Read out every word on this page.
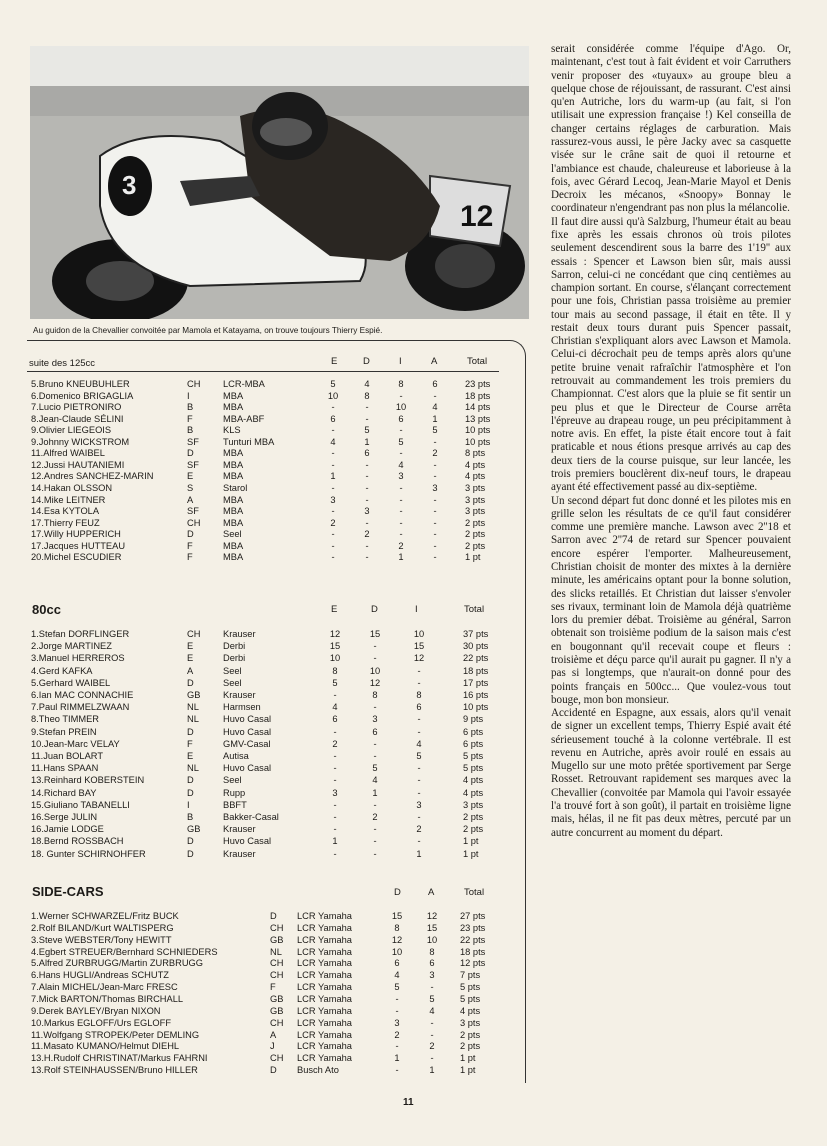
3
12
Au guidon de la Chevallier convoitée par Mamola et Katayama, on trouve toujours Thierry Espié.
suite des 125cc	E	D	I	A	Total
5.Bruno KNEUBUHLER	CH LCR-MBA	5	4	8	6	23 pts
6.Domenico BRIGAGLIA	I	MBA	10	8	-	-	18 pts
7.Lucio PIETRONIRO	B	MBA	-	-	10	4	14 pts
8.Jean-Claude SÉLINI	F	MBA-ABF	6	-	6	1	13 pts
9.Olivier LIEGEOIS	B	KLS	-	5	-	5	10 pts
9.Johnny WICKSTROM	SF	Tunturi MBA	4	1	5	-	10 pts
11.Alfred WAIBEL	D	MBA	-	6	-	2	8 pts
12.Jussi HAUTANIEMI	SF	MBA	-	-	4	-	4 pts
12.Andres SANCHEZ-MARIN	E	MBA	1	-	3	-	4 pts
14.Hakan OLSSON	S	Starol	-	-	-	3	3 pts
14.Mike LEITNER	A	MBA	3	-	-	-	3 pts
14.Esa KYTOLA	SF	MBA	-	3	-	-	3 pts
17.Thierry FEUZ	CH MBA	2	-	-	-	2 pts
17.Willy HUPPERICH	D	Seel	-	2	-	-	2 pts
17.Jacques HUTTEAU	F	MBA	-	-	2	-	2 pts
20.Michel ESCUDIER	F	MBA	-	-	1	-	1 pt
80cc	E	D	I	Total
1.Stefan DORFLINGER	CH Krauser	12	15	10	37 pts
2.Jorge MARTINEZ	E	Derbi	15	-	15	30 pts
3.Manuel HERREROS	E	Derbi	10	-	12	22 pts
4.Gerd KAFKA	A	Seel	8	10	-	18 pts
5.Gerhard WAIBEL	D	Seel	5	12	-	17 pts
6.Ian MAC CONNACHIE	GB Krauser	-	8	8	16 pts
7.Paul RIMMELZWAAN	NL	Harmsen	4	-	6	10 pts
8.Theo TIMMER	NL	Huvo Casal	6	3	-	9 pts
9.Stefan PREIN	D	Huvo Casal	-	6	-	6 pts
10.Jean-Marc VELAY	F	GMV-Casal	2	-	4	6 pts
11.Juan BOLART	E	Autisa	-	-	5	5 pts
11.Hans SPAAN	NL	Huvo Casal	-	5	-	5 pts
13.Reinhard KOBERSTEIN	D	Seel	-	4	-	4 pts
14.Richard BAY	D	Rupp	3	1	-	4 pts
15.Giuliano TABANELLI	I	BBFT	-	-	3	3 pts
16.Serge JULIN	B	Bakker-Casal	-	2	-	2 pts
16.Jamie LODGE	GB Krauser	-	-	2	2 pts
18.Bernd ROSSBACH	D	Huvo Casal	1	-	-	1 pt
18. Gunter SCHIRNOHFER	D	Krauser	-	-	1	1 pt
SIDE-CARS	D	A	Total
1.Werner SCHWARZEL/Fritz BUCK	D LCR Yamaha	15	12	27 pts
2.Rolf BILAND/Kurt WALTISPERG	CH LCR Yamaha	8	15	23 pts
3.Steve WEBSTER/Tony HEWITT	GB LCR Yamaha	12	10	22 pts
4.Egbert STREUER/Bernhard SCHNIEDERS	NL LCR Yamaha	10	8	18 pts
5.Alfred ZURBRUGG/Martin ZURBRUGG	CH LCR Yamaha	6	6	12 pts
6.Hans HUGLI/Andreas SCHUTZ	CH LCR Yamaha	4	3	7 pts
7.Alain MICHEL/Jean-Marc FRESC	F LCR Yamaha	5	-	5 pts
7.Mick BARTON/Thomas BIRCHALL	GB LCR Yamaha	-	5	5 pts
9.Derek BAYLEY/Bryan NIXON	GB LCR Yamaha	-	4	4 pts
10.Markus EGLOFF/Urs EGLOFF	CH LCR Yamaha	3	-	3 pts
11.Wolfgang STROPEK/Peter DEMLING	A LCR Yamaha	2	-	2 pts
11.Masato KUMANO/Helmut DIEHL	J LCR Yamaha	-	2	2 pts
13.H.Rudolf CHRISTINAT/Markus FAHRNI	CH LCR Yamaha	1	-	1 pt
13.Rolf STEINHAUSSEN/Bruno HILLER	D Busch Ato	-	1	1 pt

serait considérée comme l'équipe d'Ago. Or, maintenant, c'est tout à fait évident et voir Carruthers venir proposer des «tuyaux» au groupe bleu a quelque chose de réjouissant, de rassurant. C'est ainsi qu'en Autriche, lors du warm-up (au fait, si l'on utilisait une expression française !) Kel conseilla de changer certains réglages de carburation. Mais rassurez-vous aussi, le père Jacky avec sa casquette visée sur le crâne sait de quoi il retourne et l'ambiance est chaude, chaleureuse et laborieuse à la fois, avec Gérard Lecoq, Jean-Marie Mayol et Denis Decroix les mécanos, «Snoopy» Bonnay le coordinateur n'engendrant pas non plus la mélancolie.

Il faut dire aussi qu'à Salzburg, l'humeur était au beau fixe après les essais chronos où trois pilotes seulement descendirent sous la barre des 1'19'' aux essais : Spencer et Lawson bien sûr, mais aussi Sarron, celui-ci ne concédant que cinq centièmes au champion sortant. En course, s'élançant correctement pour une fois, Christian passa troisième au premier tour mais au second passage, il était en tête. Il y restait deux tours durant puis Spencer passait, Christian s'expliquant alors avec Lawson et Mamola. Celui-ci décrochait peu de temps après alors qu'une petite bruine venait rafraîchir l'atmosphère et l'on retrouvait au commandement les trois premiers du Championnat. C'est alors que la pluie se fit sentir un peu plus et que le Directeur de Course arrêta l'épreuve au drapeau rouge, un peu précipitamment à notre avis. En effet, la piste était encore tout à fait praticable et nous étions presque arrivés au cap des deux tiers de la course puisque, sur leur lancée, les trois premiers bouclèrent dix-neuf tours, le drapeau ayant été effectivement passé au dix-septième.

Un second départ fut donc donné et les pilotes mis en grille selon les résultats de ce qu'il faut considérer comme une première manche. Lawson avec 2''18 et Sarron avec 2''74 de retard sur Spencer pouvaient encore espérer l'emporter. Malheureusement, Christian choisit de monter des mixtes à la dernière minute, les américains optant pour la bonne solution, des slicks retaillés. Et Christian dut laisser s'envoler ses rivaux, terminant loin de Mamola déjà quatrième lors du premier débat. Troisième au général, Sarron obtenait son troisième podium de la saison mais c'est en bougonnant qu'il recevait coupe et fleurs : troisième et déçu parce qu'il aurait pu gagner. Il n'y a pas si longtemps, que n'aurait-on donné pour des points français en 500cc... Que voulez-vous tout bouge, mon bon monsieur.

Accidenté en Espagne, aux essais, alors qu'il venait de signer un excellent temps, Thierry Espié avait été sérieusement touché à la colonne vertébrale. Il est revenu en Autriche, après avoir roulé en essais au Mugello sur une moto prêtée sportivement par Serge Rosset. Retrouvant rapidement ses marques avec la Chevallier (convoitée par Mamola qui l'avoir essayée l'a trouvé fort à son goût), il partait en troisième ligne mais, hélas, il ne fit pas deux mètres, percuté par un autre concurrent au moment du départ.

11
